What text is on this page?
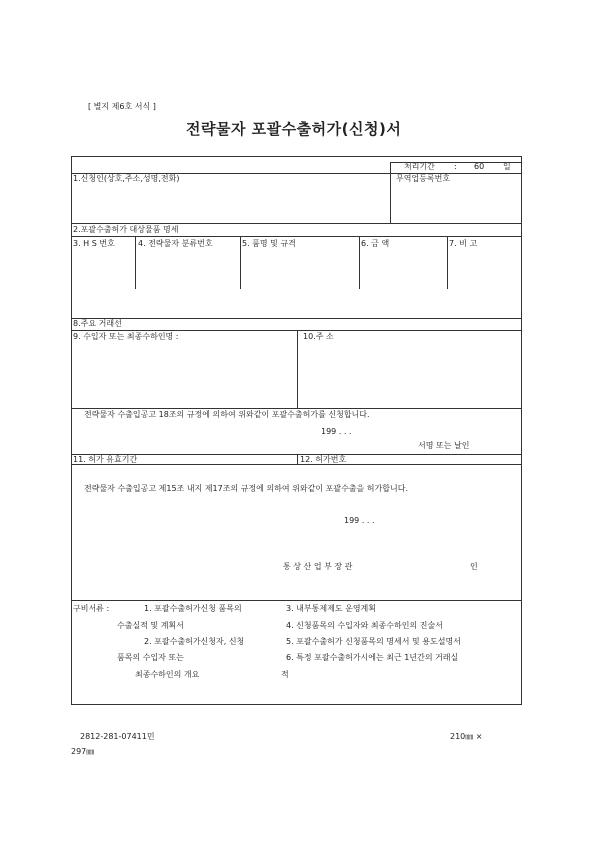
[ 별지 제6호 서식 ]
전략물자 포괄수출허가(신청)서
처리기간 : 60 일
1.신청인(상호,주소,성명,전화)	무역업등록번호
2.포괄수출허가 대상물품 명세
3. H S 번호	4. 전략물자 분류번호	5. 품명 및 규격	6. 금 액	7. 비 고
8.주요 거래선
9. 수입자 또는 최종수하인명 :	10.주 소
전략물자 수출입공고 18조의 규정에 의하여 위와같이 포괄수출허가를 신청합니다.
199 . . .
서명 또는 날인
11. 허가 유효기간	12. 허가번호
전략물자 수출입공고 제15조 내지 제17조의 규정에 의하여 위와같이 포괄수출을 허가합니다.
199 . . .
통 상 산 업 부 장 관	인
구비서류 :	1. 포괄수출허가신청 품목의
수출실적 및 계획서
2. 포괄수출허가신청자, 신청
품목의 수입자 또는
최종수하인의 개요
3. 내부통제제도 운영계획
4. 신청품목의 수입자와 최종수하인의 진술서
5. 포괄수출허가 신청품목의 명세서 및 용도설명서
6. 특정 포괄수출허가시에는 최근 1년간의 거래실
적
2812-281-07411민	210㎜ ×
297㎜
